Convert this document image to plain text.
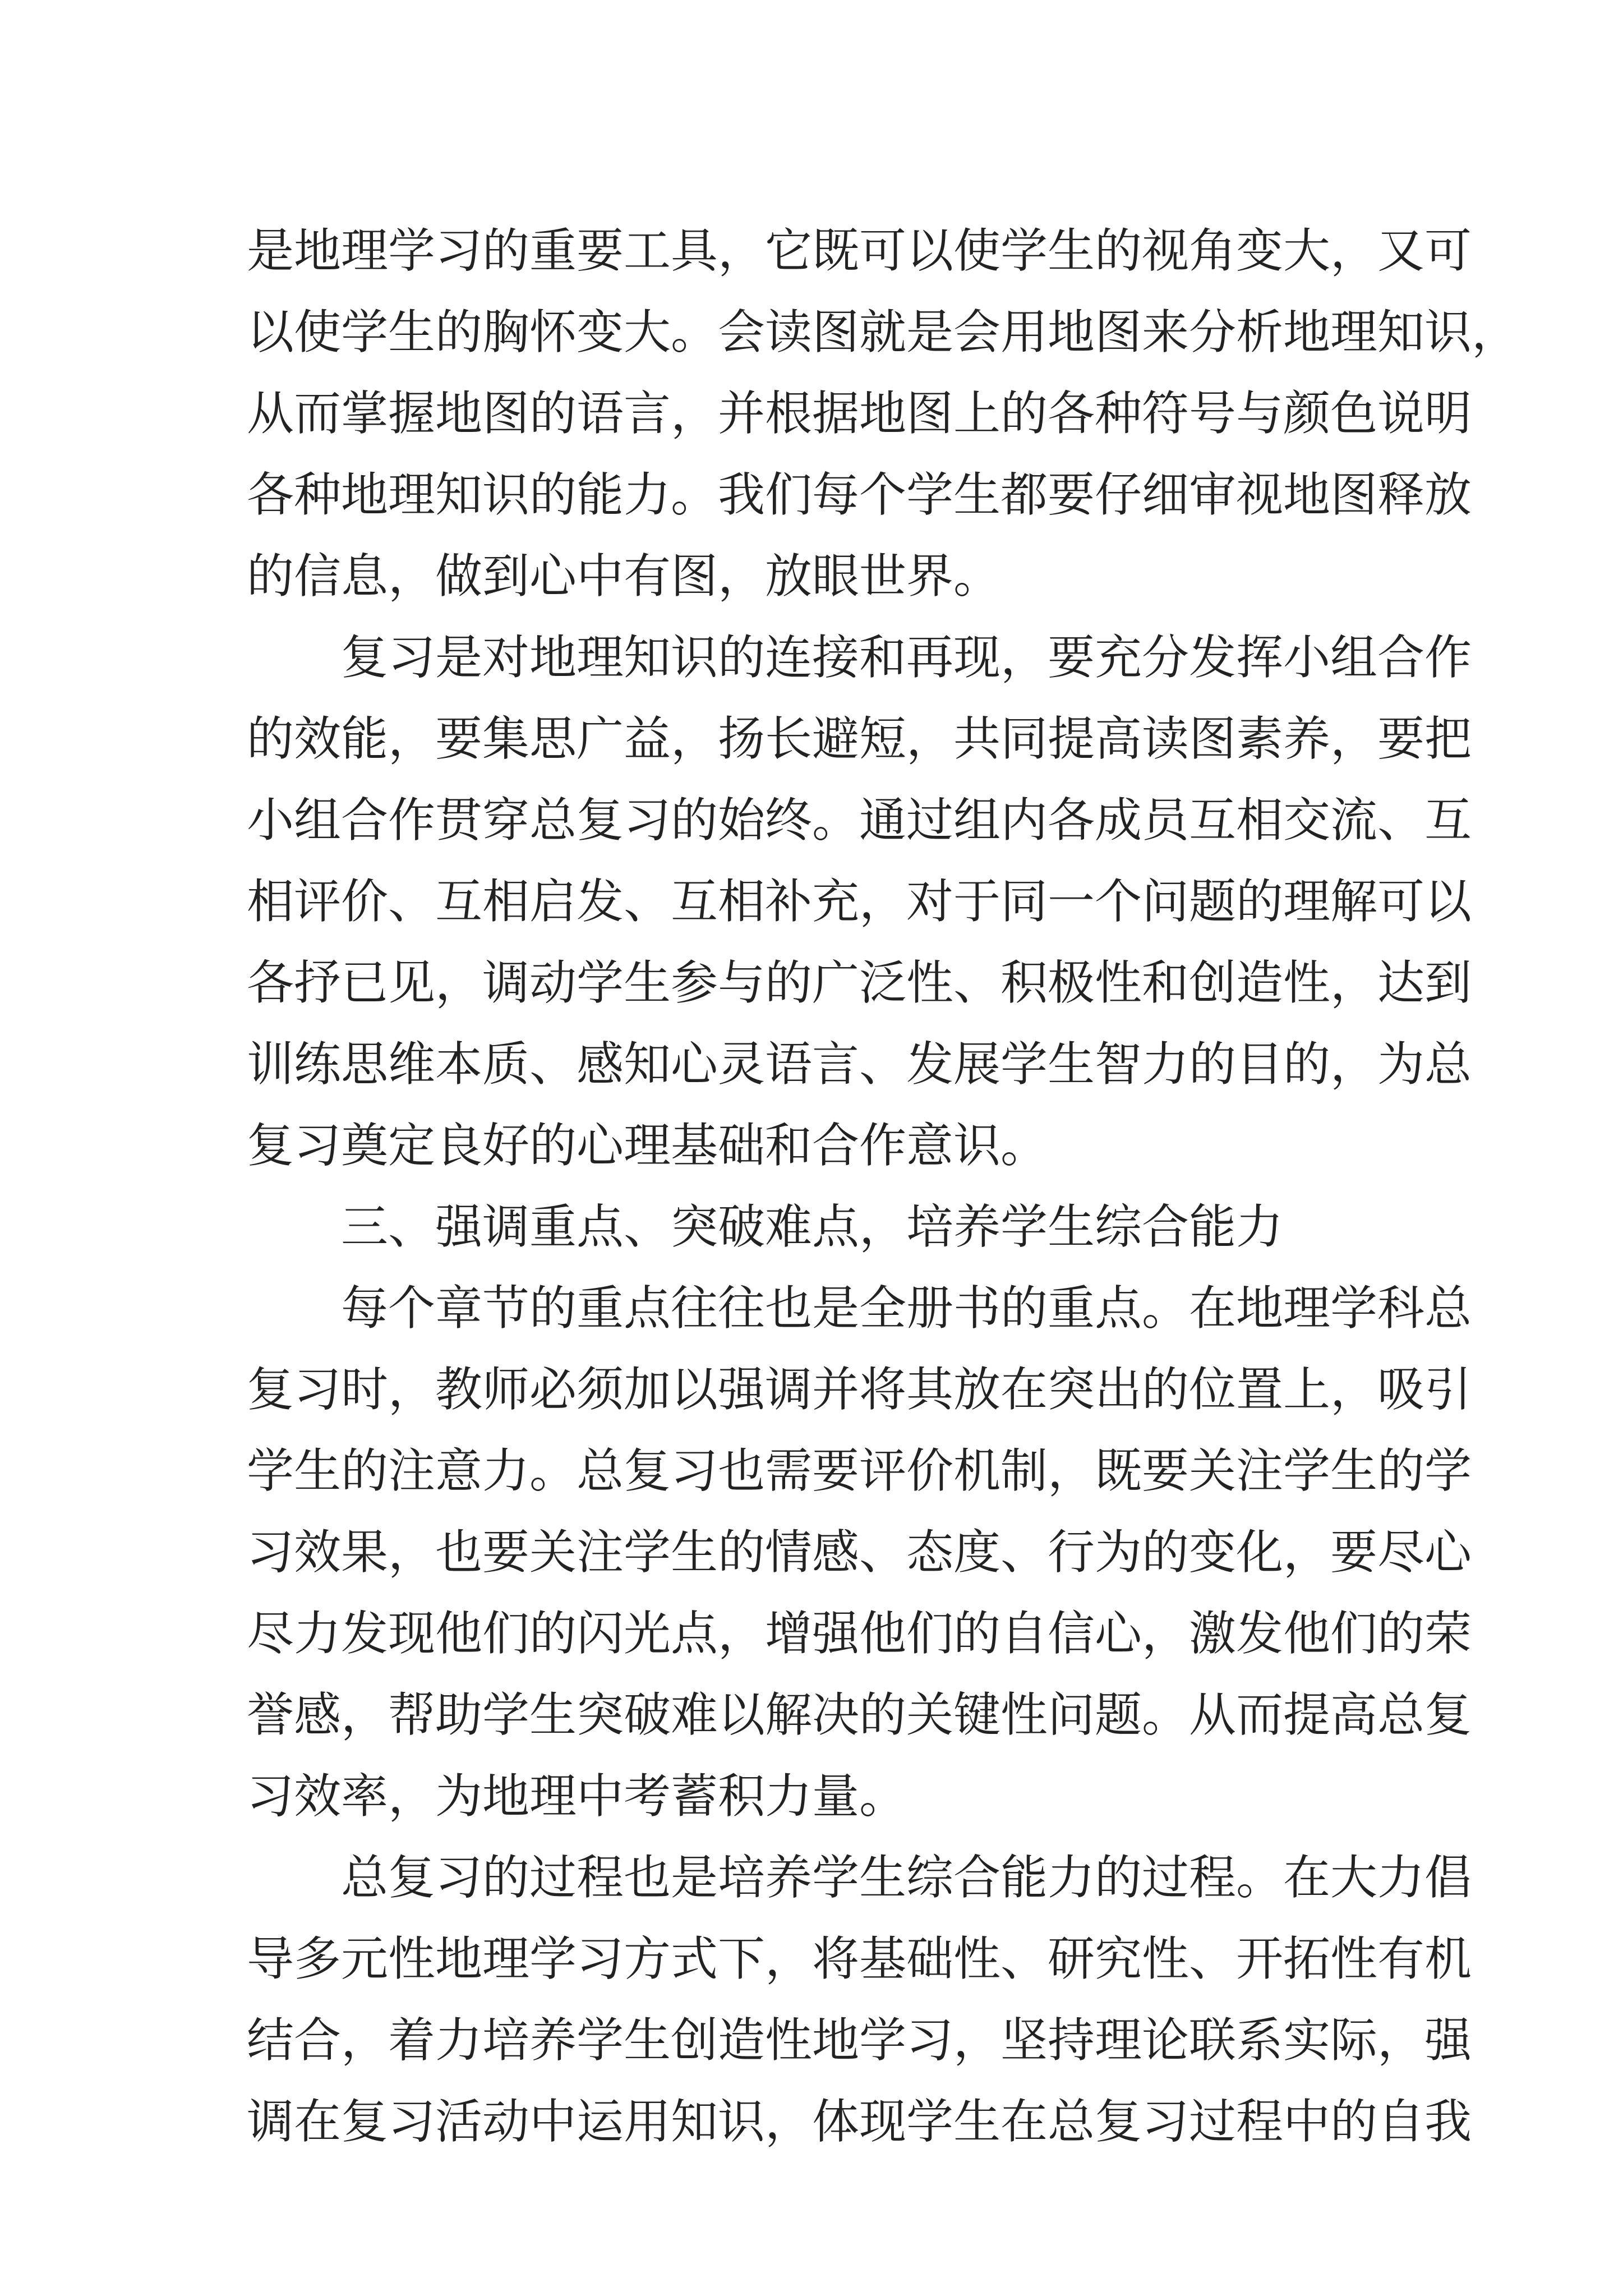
是地理学习的重要工具，它既可以使学生的视角变大，又可
以使学生的胸怀变大。会读图就是会用地图来分析地理知识，
从而掌握地图的语言，并根据地图上的各种符号与颜色说明
各种地理知识的能力。我们每个学生都要仔细审视地图释放
的信息，做到心中有图，放眼世界。
复习是对地理知识的连接和再现，要充分发挥小组合作
的效能，要集思广益，扬长避短，共同提高读图素养，要把
小组合作贯穿总复习的始终。通过组内各成员互相交流、互
相评价、互相启发、互相补充，对于同一个问题的理解可以
各抒已见，调动学生参与的广泛性、积极性和创造性，达到
训练思维本质、感知心灵语言、发展学生智力的目的，为总
复习奠定良好的心理基础和合作意识。
三、强调重点、突破难点，培养学生综合能力
每个章节的重点往往也是全册书的重点。在地理学科总
复习时，教师必须加以强调并将其放在突出的位置上，吸引
学生的注意力。总复习也需要评价机制，既要关注学生的学
习效果，也要关注学生的情感、态度、行为的变化，要尽心
尽力发现他们的闪光点，增强他们的自信心，激发他们的荣
誉感，帮助学生突破难以解决的关键性问题。从而提高总复
习效率，为地理中考蓄积力量。
总复习的过程也是培养学生综合能力的过程。在大力倡
导多元性地理学习方式下，将基础性、研究性、开拓性有机
结合，着力培养学生创造性地学习，坚持理论联系实际，强
调在复习活动中运用知识，体现学生在总复习过程中的自我
